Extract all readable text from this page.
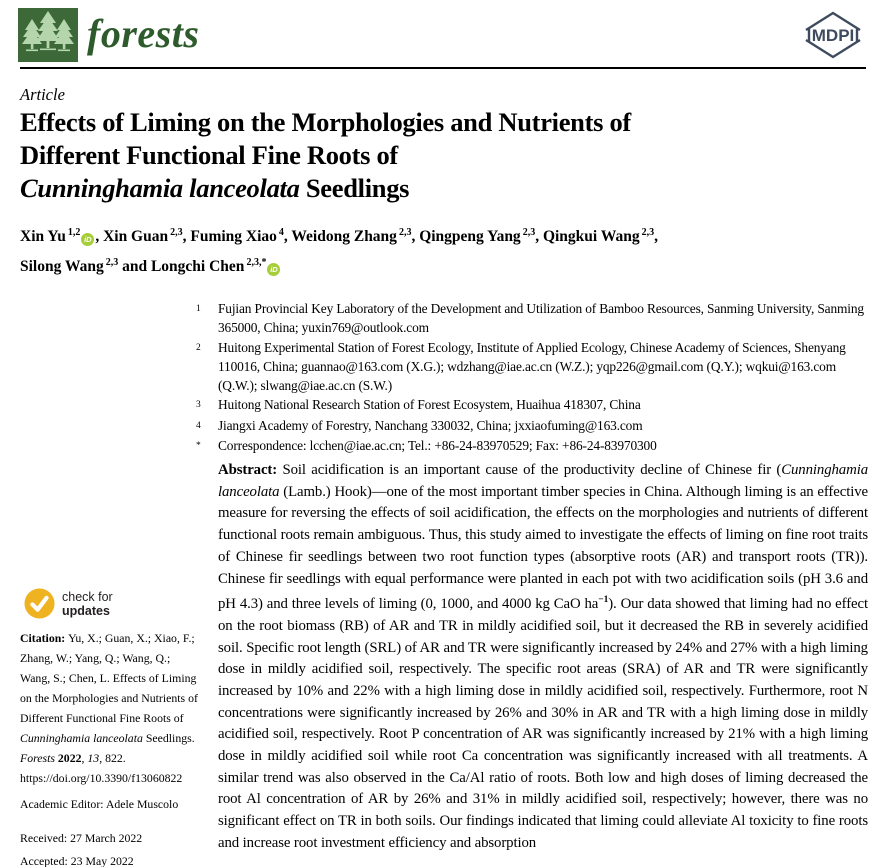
forests	MDPI
Article
Effects of Liming on the Morphologies and Nutrients of
Different Functional Fine Roots of
Cunninghamia lanceolata Seedlings
Xin Yu $^{1,2}$iD , Xin Guan $^{2,3}$, Fuming Xiao $^4$, Weidong Zhang $^{2,3}$, Qingpeng Yang $^{2,3}$, Qingkui Wang $^{2,3}$,
Silong Wang $^{2,3}$ and Longchi Chen $^{2,3,*}$iD
1	Fujian Provincial Key Laboratory of the Development and Utilization of Bamboo Resources, Sanming University, Sanming 365000, China; yuxin769@outlook.com
2	Huitong Experimental Station of Forest Ecology, Institute of Applied Ecology, Chinese Academy of Sciences, Shenyang 110016, China; guannao@163.com (X.G.); wdzhang@iae.ac.cn (W.Z.); yqp226@gmail.com (Q.Y.); wqkui@163.com (Q.W.); slwang@iae.ac.cn (S.W.)
3	Huitong National Research Station of Forest Ecosystem, Huaihua 418307, China
4	Jiangxi Academy of Forestry, Nanchang 330032, China; jxxiaofuming@163.com
*	Correspondence: lcchen@iae.ac.cn; Tel.: +86-24-83970529; Fax: +86-24-83970300

Abstract: Soil acidification is an important cause of the productivity decline of Chinese fir (Cunninghamia lanceolata (Lamb.) Hook)—one of the most important timber species in China. Although liming is an effective measure for reversing the effects of soil acidification, the effects on the morphologies and nutrients of different functional roots remain ambiguous. Thus, this study aimed to investigate the effects of liming on fine root traits of Chinese fir seedlings between two root function types (absorptive roots (AR) and transport roots (TR)). Chinese fir seedlings with equal performance were planted in each pot with two acidification soils (pH 3.6 and pH 4.3) and three levels of liming (0, 1000, and 4000 kg CaO $ha^{-1}$). Our data showed that liming had no effect on the root biomass (RB) of AR and TR in mildly acidified soil, but it decreased the RB in severely acidified soil. Specific root length (SRL) of AR and TR were significantly increased by 24% and 27% with a high liming dose in mildly acidified soil, respectively. The specific root areas (SRA) of AR and TR were significantly increased by 10% and 22% with a high liming dose in mildly acidified soil, respectively. Furthermore, root N concentrations were significantly increased by 26% and 30% in AR and TR with a high liming dose in mildly acidified soil, respectively. Root P concentration of AR was significantly increased by 21% with a high liming dose in mildly acidified soil while root Ca concentration was significantly increased with all treatments. A similar trend was also observed in the Ca/Al ratio of roots. Both low and high doses of liming decreased the root Al concentration of AR by 26% and 31% in mildly acidified soil, respectively; however, there was no significant effect on TR in both soils. Our findings indicated that liming could alleviate Al toxicity to fine roots and increase root investment efficiency and absorption

check for
updates

Citation: Yu, X.; Guan, X.; Xiao, F.; Zhang, W.; Yang, Q.; Wang, Q.; Wang, S.; Chen, L. Effects of Liming on the Morphologies and Nutrients of Different Functional Fine Roots of Cunninghamia lanceolata Seedlings. Forests 2022, 13, 822. https://doi.org/10.3390/f13060822

Academic Editor: Adele Muscolo
Received: 27 March 2022
Accepted: 23 May 2022
